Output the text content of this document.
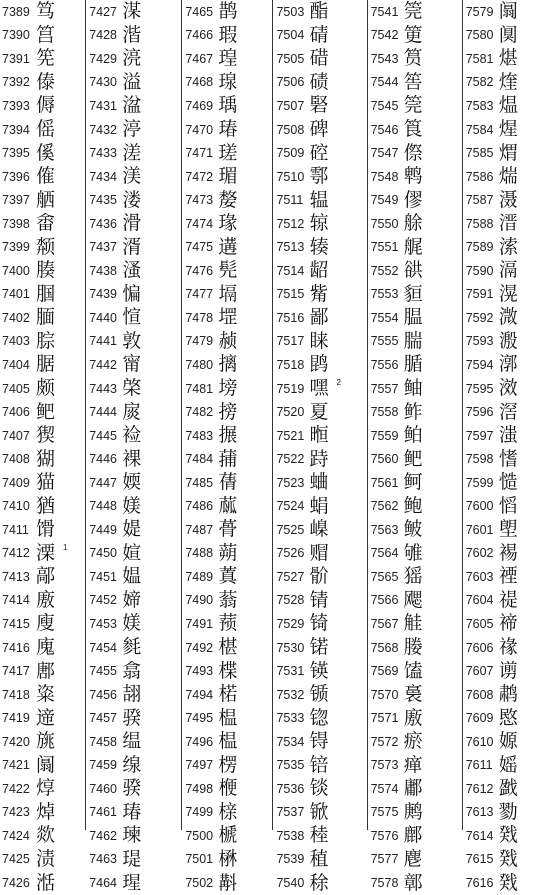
7389 笃
7390 筥
7391 筅
7392 傣
7393 傉
7394 傜
7395 傒
7396 傕
7397 舾
7398 畬
7399 颒
7400 腠
7401 腘
7402 腼
7403 腙
7404 腒
7405 颇
7406 鲃
7407 猰
7408 猢
7409 猫
7410 猶
7411 馉
7412 溧 1
7413 鄗
7414 廒
7415 廋
7416 廆
7417 鄌
7418 粢
7419 遆
7420 旐
7421 阘
7422 焞
7423 焯
7424 欻
7425 渍
7426 湉
7427 湈
7428 湝
7429 湸
7430 溢
7431 湓
7432 渟
7433 溠
7434 渼
7435 溇
7436 滑
7437 湑
7438 溞
7439 惼
7440 愃
7441 敦
7442 甯
7443 棨
7444 扊
7445 裣
7446 裸
7447 媆
7448 媄
7449 媞
7450 媗
7451 媪
7452 媂
7453 媄
7454 毵
7455 翕
7456 翓
7457 骙
7458 缊
7459 缐
7460 骙
7461 瑃
7462 瑓
7463 瑅
7464 瑆
7465 鹊
7466 瑕
7467 瑝
7468 瑔
7469 瑀
7470 瑃
7471 瑳
7472 瑂
7473 嫠
7474 瑑
7475 遘
7476 髡
7477 塥
7478 堽
7479 赪
7480 摛
7481 塝
7482 搒
7483 搌
7484 蒱
7485 蒨
7486 蓏
7487 蓇
7488 蒴
7489 蒖
7490 蓊
7491 蓣
7492 椹
7493 楪
7494 楉
7495 榅
7496 榅
7497 楞
7498 楩
7499 榇
7500 榹
7501 楙
7502 斠
7503 酯
7504 碃
7505 碏
7506 碛
7507 硻
7508 碑
7509 硿
7510 鄠
7511 辒
7512 辌
7513 辏
7514 龆
7515 觜
7516 鄙
7517 睐
7518 鹍
7519 嘿 2
7520 夏
7521 暅
7522 跱
7523 蛐
7524 蜎
7525 嵲
7526 赗
7527 骱
7528 锖
7529 锜
7530 锘
7531 锳
7532 锧
7533 锪
7534 锝
7535 锫
7536 锬
7537 锨
7538 稑
7539 稙
7540 稌
7541 筦
7542 筻
7543 筼
7544 筶
7545 筦
7546 筤
7547 傺
7548 鹎
7549 僇
7550 艅
7551 艉
7552 谼
7553 貆
7554 腽
7555 腨
7556 腯
7557 鲉
7558 鲊
7559 鲌
7560 鲃
7561 鲄
7562 鲍
7563 鲏
7564 雊
7565 猺
7566 飔
7567 觟
7568 媵
7569 馌
7570 裛
7571 廒
7572 瘀
7573 瘅
7574 鄘
7575 鹒
7576 鄜
7577 麀
7578 鄣
7579 阘
7580 阒
7581 煁
7582 煃
7583 煴
7584 煋
7585 煟
7586 煓
7587 滠
7588 溍
7589 溹
7590 滆
7591 滉
7592 溦
7593 溵
7594 漷
7595 滧
7596 滘
7597 滍
7598 愭
7599 慥
7600 慆
7601 塱
7602 裼
7603 禋
7604 禔
7605 禘
7606 禒
7607 谫
7608 鹔
7609 愍
7610 嫄
7611 媱
7612 戤
7613 勠
7614 戣
7615 戣
7616 戣
